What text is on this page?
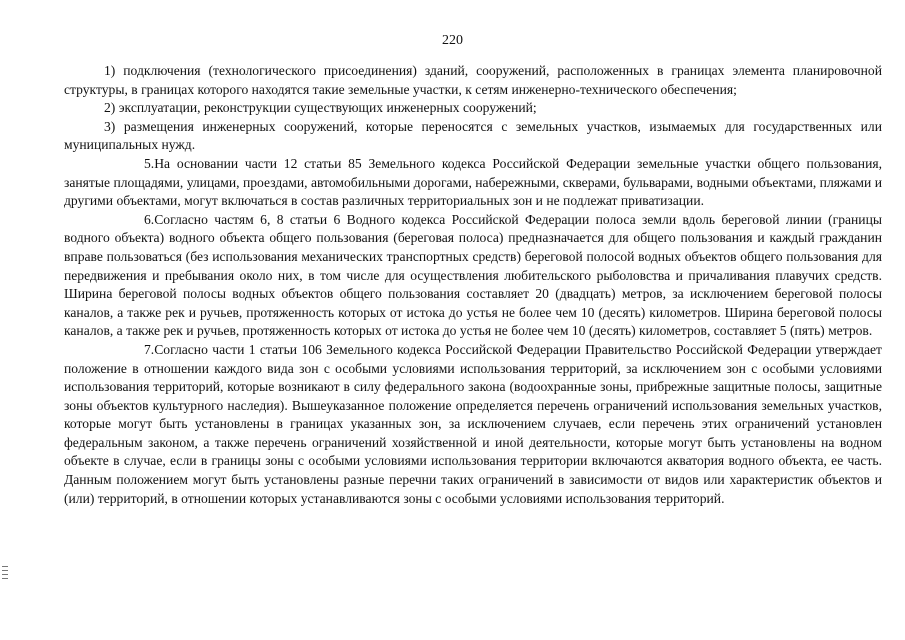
220

1) подключения (технологического присоединения) зданий, сооружений, расположенных в границах элемента планировочной структуры, в границах которого находятся такие земельные участки, к сетям инженерно-технического обеспечения;

2) эксплуатации, реконструкции существующих инженерных сооружений;

3) размещения инженерных сооружений, которые переносятся с земельных участков, изымаемых для государственных или муниципальных нужд.

5.На основании части 12 статьи 85 Земельного кодекса Российской Федерации земельные участки общего пользования, занятые площадями, улицами, проездами, автомобильными дорогами, набережными, скверами, бульварами, водными объектами, пляжами и другими объектами, могут включаться в состав различных территориальных зон и не подлежат приватизации.

6.Согласно частям 6, 8 статьи 6 Водного кодекса Российской Федерации полоса земли вдоль береговой линии (границы водного объекта) водного объекта общего пользования (береговая полоса) предназначается для общего пользования и каждый гражданин вправе пользоваться (без использования механических транспортных средств) береговой полосой водных объектов общего пользования для передвижения и пребывания около них, в том числе для осуществления любительского рыболовства и причаливания плавучих средств. Ширина береговой полосы водных объектов общего пользования составляет 20 (двадцать) метров, за исключением береговой полосы каналов, а также рек и ручьев, протяженность которых от истока до устья не более чем 10 (десять) километров. Ширина береговой полосы каналов, а также рек и ручьев, протяженность которых от истока до устья не более чем 10 (десять) километров, составляет 5 (пять) метров.

7.Согласно части 1 статьи 106 Земельного кодекса Российской Федерации Правительство Российской Федерации утверждает положение в отношении каждого вида зон с особыми условиями использования территорий, за исключением зон с особыми условиями использования территорий, которые возникают в силу федерального закона (водоохранные зоны, прибрежные защитные полосы, защитные зоны объектов культурного наследия). Вышеуказанное положение определяется перечень ограничений использования земельных участков, которые могут быть установлены в границах указанных зон, за исключением случаев, если перечень этих ограничений установлен федеральным законом, а также перечень ограничений хозяйственной и иной деятельности, которые могут быть установлены на водном объекте в случае, если в границы зоны с особыми условиями использования территории включаются акватория водного объекта, ее часть. Данным положением могут быть установлены разные перечни таких ограничений в зависимости от видов или характеристик объектов и (или) территорий, в отношении которых устанавливаются зоны с особыми условиями использования территорий.
